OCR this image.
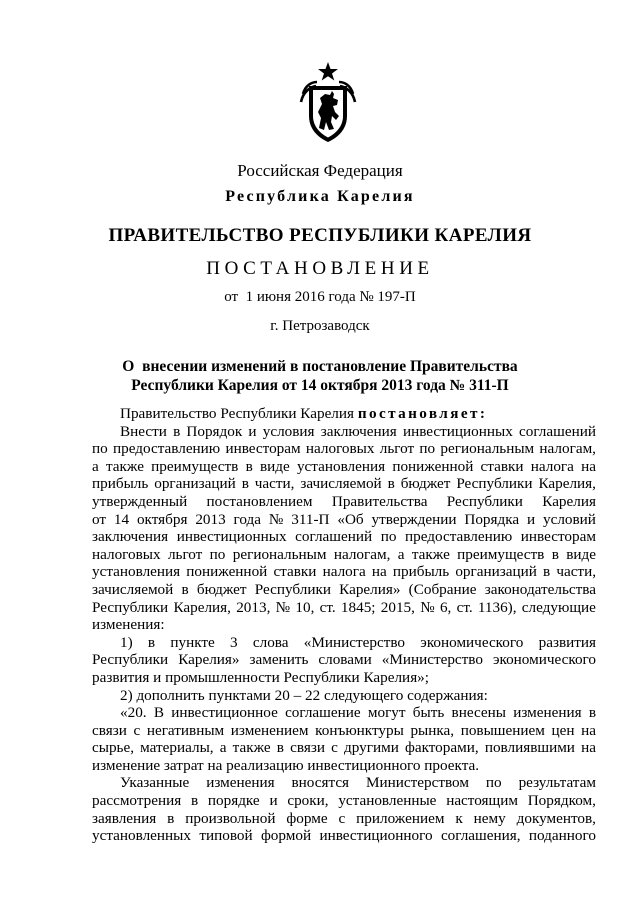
Российская Федерация
Республика Карелия
ПРАВИТЕЛЬСТВО РЕСПУБЛИКИ КАРЕЛИЯ
ПОСТАНОВЛЕНИЕ
от  1 июня 2016 года № 197-П
г. Петрозаводск
О  внесении изменений в постановление Правительства
Республики Карелия от 14 октября 2013 года № 311-П
Правительство Республики Карелия постановляет:
Внести в Порядок и условия заключения инвестиционных соглашений
по предоставлению инвесторам налоговых льгот по региональным налогам,
а также преимуществ в виде установления пониженной ставки налога на
прибыль организаций в части, зачисляемой в бюджет Республики Карелия,
утвержденный постановлением Правительства Республики Карелия
от 14 октября 2013 года № 311-П «Об утверждении Порядка и условий
заключения инвестиционных соглашений по предоставлению инвесторам
налоговых льгот по региональным налогам, а также преимуществ в виде
установления пониженной ставки налога на прибыль организаций в части,
зачисляемой в бюджет Республики Карелия» (Собрание законодательства
Республики Карелия, 2013, № 10, ст. 1845; 2015, № 6, ст. 1136), следующие
изменения:
1) в пункте 3 слова «Министерство экономического развития
Республики Карелия» заменить словами «Министерство экономического
развития и промышленности Республики Карелия»;
2) дополнить пунктами 20 – 22 следующего содержания:
«20. В инвестиционное соглашение могут быть внесены изменения в
связи с негативным изменением конъюнктуры рынка, повышением цен на
сырье, материалы, а также в связи с другими факторами, повлиявшими на
изменение затрат на реализацию инвестиционного проекта.
Указанные изменения вносятся Министерством по результатам
рассмотрения в порядке и сроки, установленные настоящим Порядком,
заявления в произвольной форме с приложением к нему документов,
установленных типовой формой инвестиционного соглашения, поданного
